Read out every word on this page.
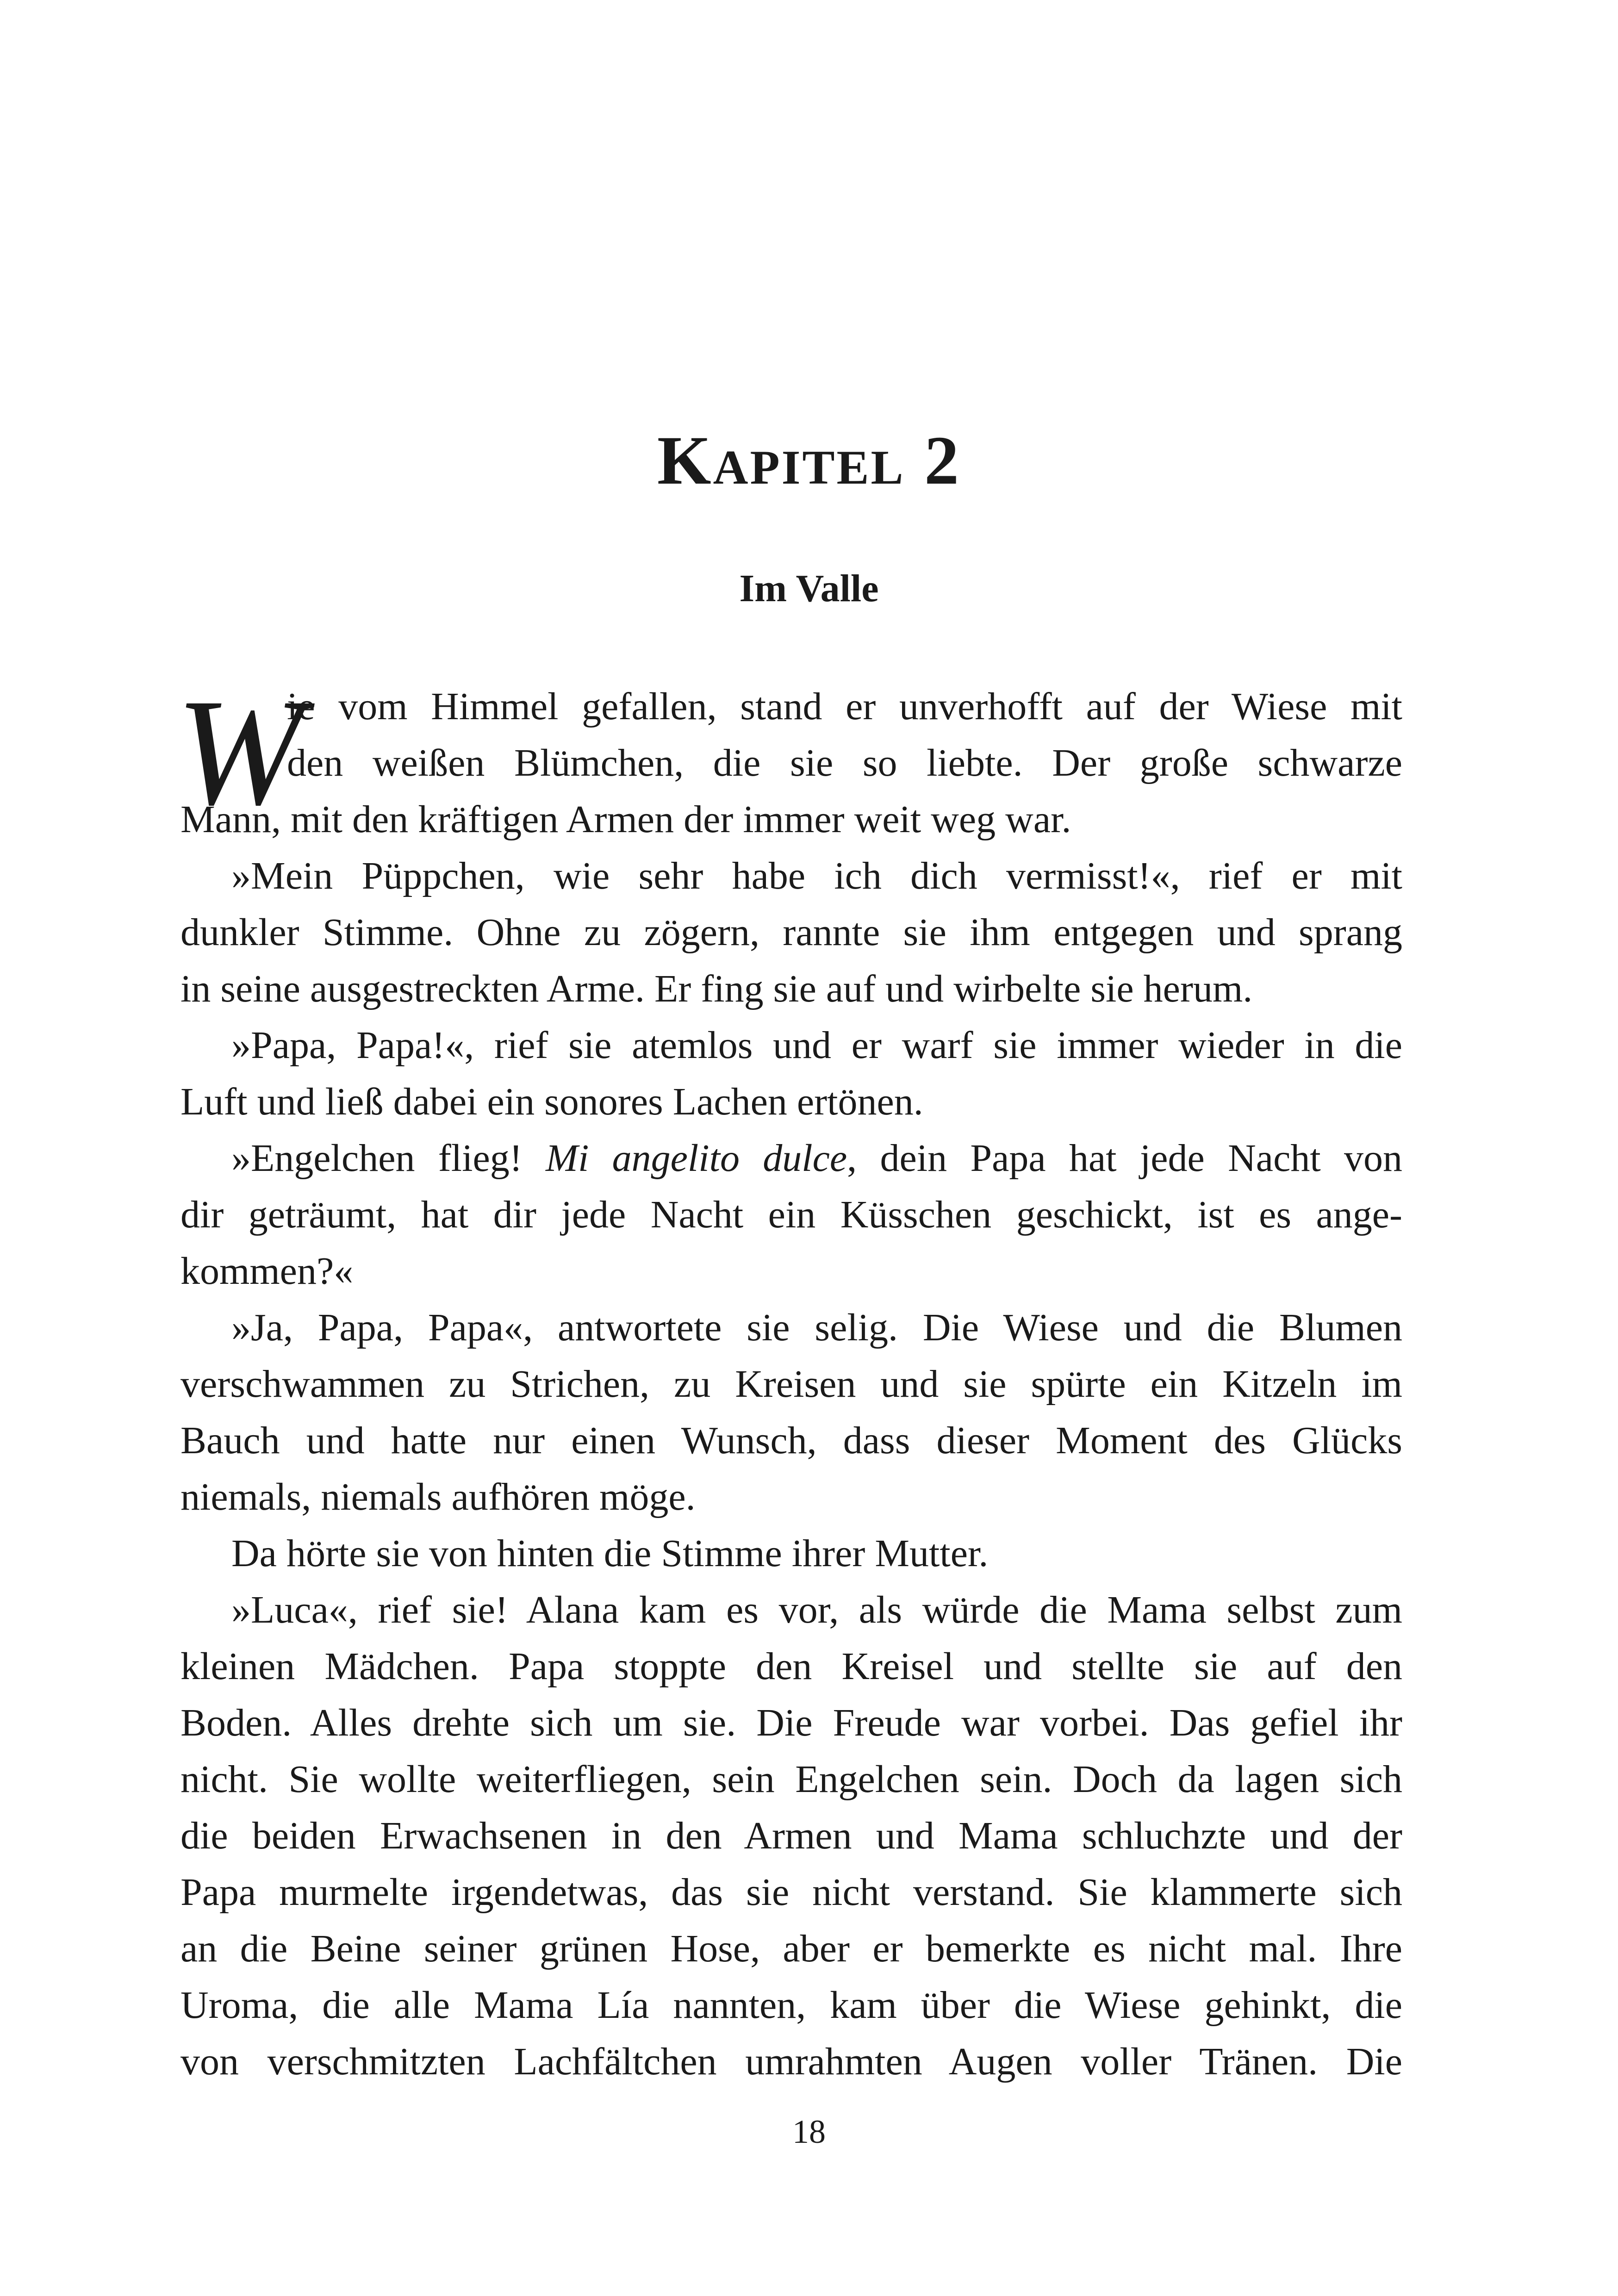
Kapitel 2
Im Valle
W
ie vom Himmel gefallen, stand er unverhofft auf der Wiese mit
den weißen Blümchen, die sie so liebte. Der große schwarze
Mann, mit den kräftigen Armen der immer weit weg war.
»Mein Püppchen, wie sehr habe ich dich vermisst!«, rief er mit
dunkler Stimme. Ohne zu zögern, rannte sie ihm entgegen und sprang
in seine ausgestreckten Arme. Er fing sie auf und wirbelte sie herum.
»Papa, Papa!«, rief sie atemlos und er warf sie immer wieder in die
Luft und ließ dabei ein sonores Lachen ertönen.
»Engelchen flieg! Mi angelito dulce, dein Papa hat jede Nacht von
dir geträumt, hat dir jede Nacht ein Küsschen geschickt, ist es ange-
kommen?«
»Ja, Papa, Papa«, antwortete sie selig. Die Wiese und die Blumen
verschwammen zu Strichen, zu Kreisen und sie spürte ein Kitzeln im
Bauch und hatte nur einen Wunsch, dass dieser Moment des Glücks
niemals, niemals aufhören möge.
Da hörte sie von hinten die Stimme ihrer Mutter.
»Luca«, rief sie! Alana kam es vor, als würde die Mama selbst zum
kleinen Mädchen. Papa stoppte den Kreisel und stellte sie auf den
Boden. Alles drehte sich um sie. Die Freude war vorbei. Das gefiel ihr
nicht. Sie wollte weiterfliegen, sein Engelchen sein. Doch da lagen sich
die beiden Erwachsenen in den Armen und Mama schluchzte und der
Papa murmelte irgendetwas, das sie nicht verstand. Sie klammerte sich
an die Beine seiner grünen Hose, aber er bemerkte es nicht mal. Ihre
Uroma, die alle Mama Lía nannten, kam über die Wiese gehinkt, die
von verschmitzten Lachfältchen umrahmten Augen voller Tränen. Die
18
